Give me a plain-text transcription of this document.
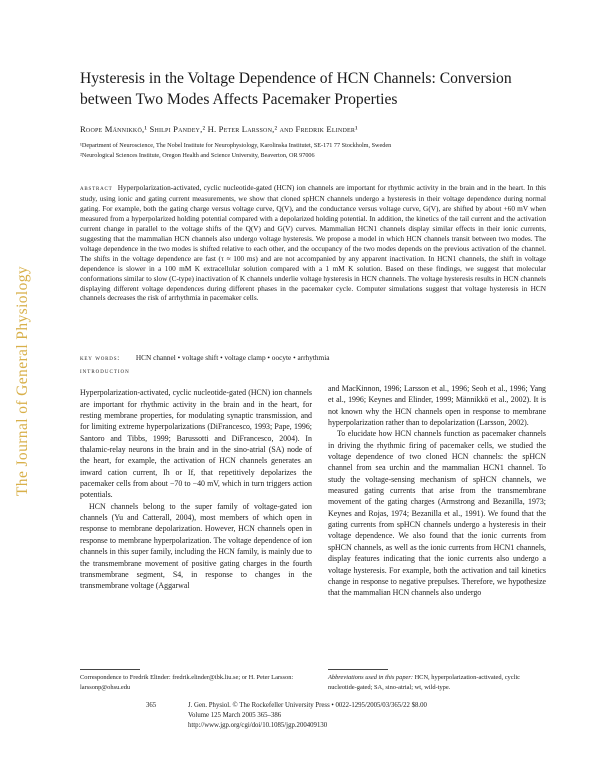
The Journal of General Physiology
Hysteresis in the Voltage Dependence of HCN Channels: Conversion between Two Modes Affects Pacemaker Properties
Roope Männikkö,¹ Shilpi Pandey,² H. Peter Larsson,² and Fredrik Elinder¹

¹Department of Neuroscience, The Nobel Institute for Neurophysiology, Karolinska Institutet, SE-171 77 Stockholm, Sweden

²Neurological Sciences Institute, Oregon Health and Science University, Beaverton, OR 97006

abstract Hyperpolarization-activated, cyclic nucleotide-gated (HCN) ion channels are important for rhythmic activity in the brain and in the heart. In this study, using ionic and gating current measurements, we show that cloned spHCN channels undergo a hysteresis in their voltage dependence during normal gating. For example, both the gating charge versus voltage curve, Q(V), and the conductance versus voltage curve, G(V), are shifted by about +60 mV when measured from a hyperpolarized holding potential compared with a depolarized holding potential. In addition, the kinetics of the tail current and the activation current change in parallel to the voltage shifts of the Q(V) and G(V) curves. Mammalian HCN1 channels display similar effects in their ionic currents, suggesting that the mammalian HCN channels also undergo voltage hysteresis. We propose a model in which HCN channels transit between two modes. The voltage dependence in the two modes is shifted relative to each other, and the occupancy of the two modes depends on the previous activation of the channel. The shifts in the voltage dependence are fast (τ ≈ 100 ms) and are not accompanied by any apparent inactivation. In HCN1 channels, the shift in voltage dependence is slower in a 100 mM K extracellular solution compared with a 1 mM K solution. Based on these findings, we suggest that molecular conformations similar to slow (C-type) inactivation of K channels underlie voltage hysteresis in HCN channels. The voltage hysteresis results in HCN channels displaying different voltage dependences during different phases in the pacemaker cycle. Computer simulations suggest that voltage hysteresis in HCN channels decreases the risk of arrhythmia in pacemaker cells.
key words: HCN channel • voltage shift • voltage clamp • oocyte • arrhythmia
introduction

Hyperpolarization-activated, cyclic nucleotide-gated (HCN) ion channels are important for rhythmic activity in the brain and in the heart, for resting membrane properties, for modulating synaptic transmission, and for limiting extreme hyperpolarizations (DiFrancesco, 1993; Pape, 1996; Santoro and Tibbs, 1999; Barussotti and DiFrancesco, 2004). In thalamic-relay neurons in the brain and in the sino-atrial (SA) node of the heart, for example, the activation of HCN channels generates an inward cation current, Ih or If, that repetitively depolarizes the pacemaker cells from about −70 to −40 mV, which in turn triggers action potentials.

HCN channels belong to the super family of voltage-gated ion channels (Yu and Catterall, 2004), most members of which open in response to membrane depolarization. However, HCN channels open in response to membrane hyperpolarization. The voltage dependence of ion channels in this super family, including the HCN family, is mainly due to the transmembrane movement of positive gating charges in the fourth transmembrane segment, S4, in response to changes in the transmembrane voltage (Aggarwal

and MacKinnon, 1996; Larsson et al., 1996; Seoh et al., 1996; Yang et al., 1996; Keynes and Elinder, 1999; Männikkö et al., 2002). It is not known why the HCN channels open in response to membrane hyperpolarization rather than to depolarization (Larsson, 2002).

To elucidate how HCN channels function as pacemaker channels in driving the rhythmic firing of pacemaker cells, we studied the voltage dependence of two cloned HCN channels: the spHCN channel from sea urchin and the mammalian HCN1 channel. To study the voltage-sensing mechanism of spHCN channels, we measured gating currents that arise from the transmembrane movement of the gating charges (Armstrong and Bezanilla, 1973; Keynes and Rojas, 1974; Bezanilla et al., 1991). We found that the gating currents from spHCN channels undergo a hysteresis in their voltage dependence. We also found that the ionic currents from spHCN channels, as well as the ionic currents from HCN1 channels, display features indicating that the ionic currents also undergo a voltage hysteresis. For example, both the activation and tail kinetics change in response to negative prepulses. Therefore, we hypothesize that the mammalian HCN channels also undergo

Correspondence to Fredrik Elinder: fredrik.elinder@ibk.liu.se; or H. Peter Larsson: larssonp@ohsu.edu
Abbreviations used in this paper: HCN, hyperpolarization-activated, cyclic nucleotide-gated; SA, sino-atrial; wt, wild-type.
365	J. Gen. Physiol. © The Rockefeller University Press • 0022-1295/2005/03/365/22 $8.00
Volume 125 March 2005 365–386
http://www.jgp.org/cgi/doi/10.1085/jgp.200409130
